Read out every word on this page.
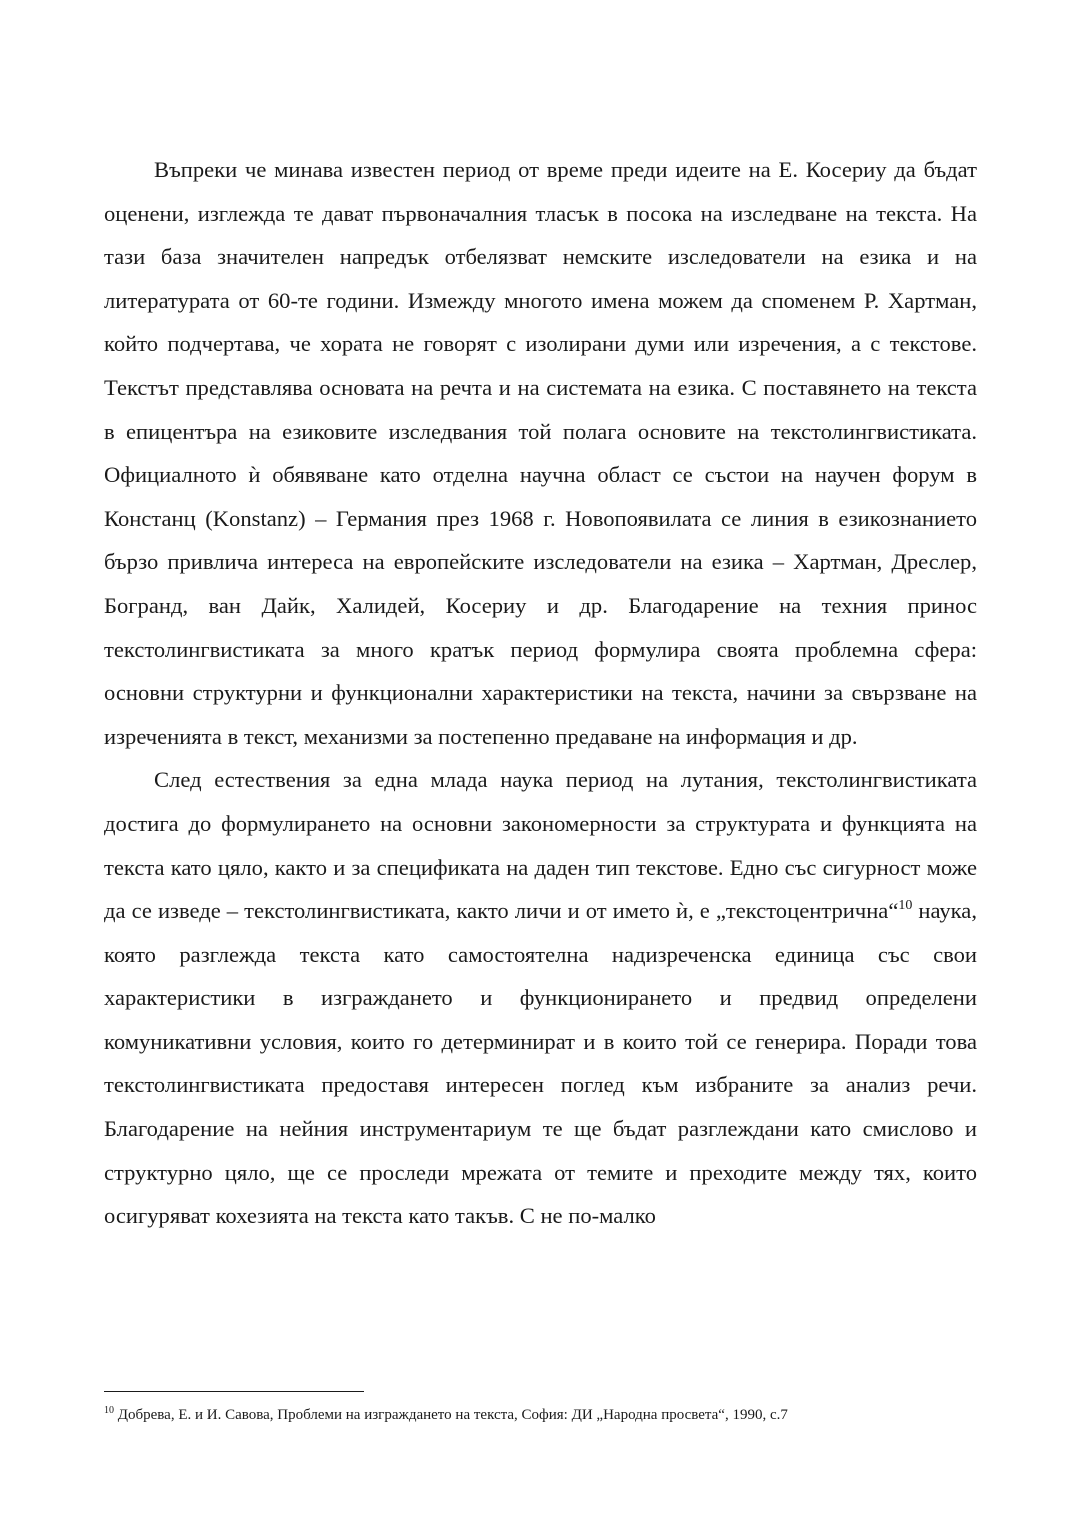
Въпреки че минава известен период от време преди идеите на Е. Косериу да бъдат оценени, изглежда те дават първоначалния тласък в посока на изследване на текста. На тази база значителен напредък отбелязват немските изследователи на езика и на литературата от 60-те години. Измежду многото имена можем да споменем Р. Хартман, който подчертава, че хората не говорят с изолирани думи или изречения, а с текстове. Текстът представлява основата на речта и на системата на езика. С поставянето на текста в епицентъра на езиковите изследвания той полага основите на текстолингвистиката. Официалното ѝ обявяване като отделна научна област се състои на научен форум в Констанц (Konstanz) – Германия през 1968 г. Новопоявилата се линия в езикознанието бързо привлича интереса на европейските изследователи на езика – Хартман, Дреслер, Богранд, ван Дайк, Халидей, Косериу и др. Благодарение на техния принос текстолингвистиката за много кратък период формулира своята проблемна сфера: основни структурни и функционални характеристики на текста, начини за свързване на изреченията в текст, механизми за постепенно предаване на информация и др.

След естествения за една млада наука период на лутания, текстолингвистиката достига до формулирането на основни закономерности за структурата и функцията на текста като цяло, както и за спецификата на даден тип текстове. Едно със сигурност може да се изведе – текстолингвистиката, както личи и от името ѝ, е „текстоцентрична“$^{10}$ наука, която разглежда текста като самостоятелна надизреченска единица със свои характеристики в изграждането и функционирането и предвид определени комуникативни условия, които го детерминират и в които той се генерира. Поради това текстолингвистиката предоставя интересен поглед към избраните за анализ речи. Благодарение на нейния инструментариум те ще бъдат разглеждани като смислово и структурно цяло, ще се проследи мрежата от темите и преходите между тях, които осигуряват кохезията на текста като такъв. С не по-малко

$^{10}$ Добрева, Е. и И. Савова, Проблеми на изграждането на текста, София: ДИ „Народна просвета“, 1990, с.7
